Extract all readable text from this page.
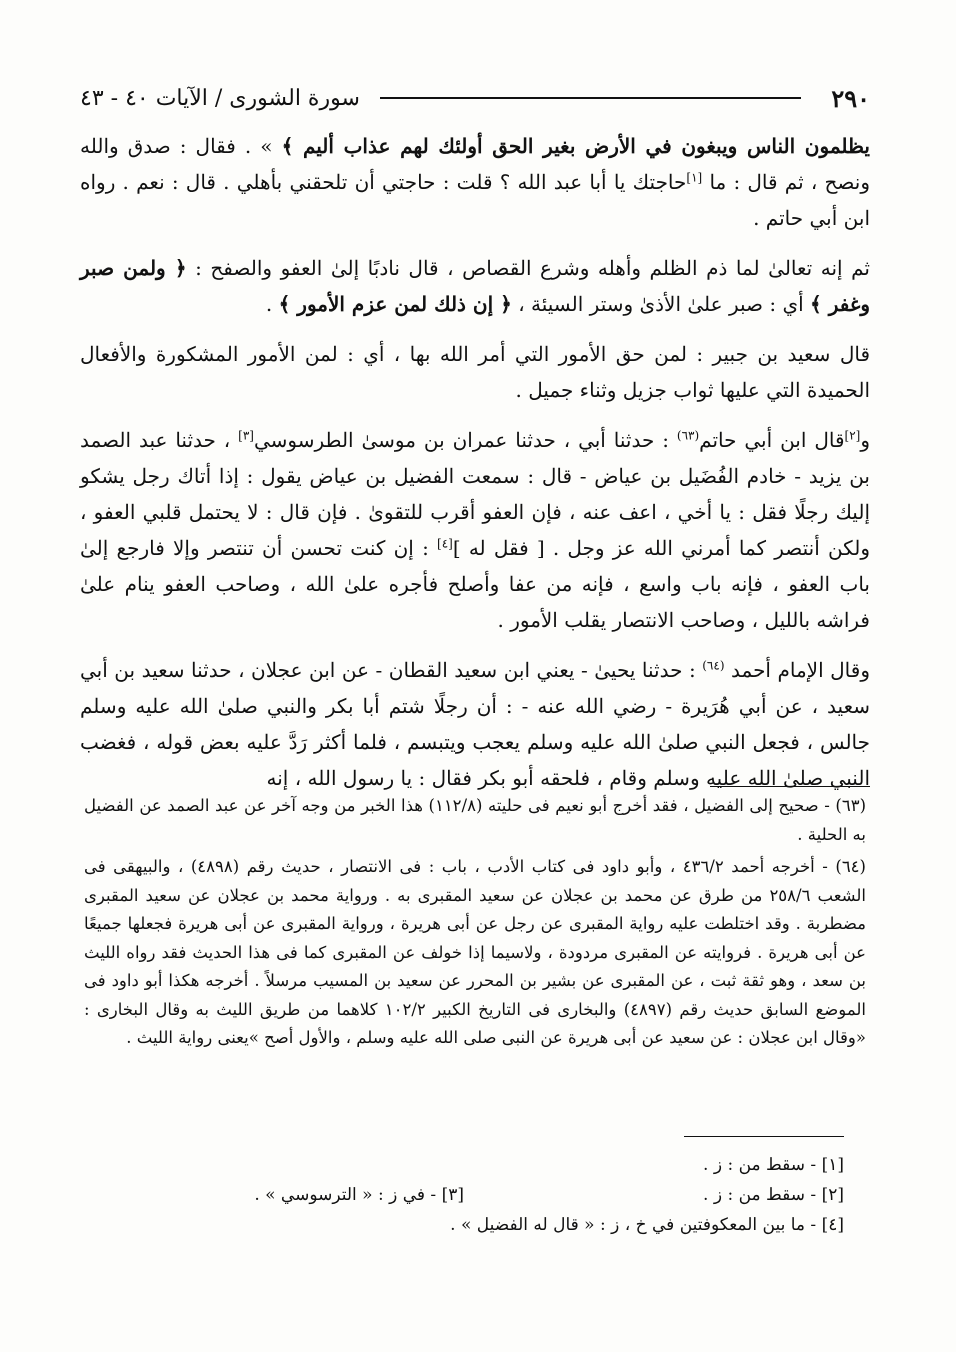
٢٩٠
سورة الشورى / الآيات ٤٠ - ٤٣

يظلمون الناس ويبغون في الأرض بغير الحق أولئك لهم عذاب أليم ﴾ » . فقال : صدق والله ونصح ، ثم قال : ما [١]حاجتك يا أبا عبد الله ؟ قلت : حاجتي أن تلحقني بأهلي . قال : نعم . رواه ابن أبي حاتم .

ثم إنه تعالىٰ لما ذم الظلم وأهله وشرع القصاص ، قال نادبًا إلىٰ العفو والصفح : ﴿ ولمن صبر وغفر ﴾ أي : صبر علىٰ الأذىٰ وستر السيئة ، ﴿ إن ذلك لمن عزم الأمور ﴾ .

قال سعيد بن جبير : لمن حق الأمور التي أمر الله بها ، أي : لمن الأمور المشكورة والأفعال الحميدة التي عليها ثواب جزيل وثناء جميل .

و[٢]قال ابن أبي حاتم$^{(٦٣)}$ : حدثنا أبي ، حدثنا عمران بن موسىٰ الطرسوسي[٣] ، حدثنا عبد الصمد بن يزيد - خادم الفُضَيل بن عياض - قال : سمعت الفضيل بن عياض يقول : إذا أتاك رجل يشكو إليك رجلًا فقل : يا أخي ، اعف عنه ، فإن العفو أقرب للتقوىٰ . فإن قال : لا يحتمل قلبي العفو ، ولكن أنتصر كما أمرني الله عز وجل . [ فقل له ][٤] : إن كنت تحسن أن تنتصر وإلا فارجع إلىٰ باب العفو ، فإنه باب واسع ، فإنه من عفا وأصلح فأجره علىٰ الله ، وصاحب العفو ينام علىٰ فراشه بالليل ، وصاحب الانتصار يقلب الأمور .

وقال الإمام أحمد $^{(٦٤)}$ : حدثنا يحيىٰ - يعني ابن سعيد القطان - عن ابن عجلان ، حدثنا سعيد بن أبي سعيد ، عن أبي هُرَيرة - رضي الله عنه - : أن رجلًا شتم أبا بكر والنبي صلىٰ الله عليه وسلم جالس ، فجعل النبي صلىٰ الله عليه وسلم يعجب ويتبسم ، فلما أكثر رَدَّ عليه بعض قوله ، فغضب النبي صلىٰ الله عليه وسلم وقام ، فلحقه أبو بكر فقال : يا رسول الله ، إنه

(٦٣) - صحيح إلى الفضيل ، فقد أخرج أبو نعيم فى حليته (١١٢/٨) هذا الخبر من وجه آخر عن عبد الصمد عن الفضيل به الحلية .

(٦٤) - أخرجه أحمد ٤٣٦/٢ ، وأبو داود فى كتاب الأدب ، باب : فى الانتصار ، حديث رقم (٤٨٩٨) ، والبيهقى فى الشعب ٢٥٨/٦ من طرق عن محمد بن عجلان عن سعيد المقبرى به . ورواية محمد بن عجلان عن سعيد المقبرى مضطربة . وقد اختلطت عليه رواية المقبرى عن رجل عن أبى هريرة ، ورواية المقبرى عن أبى هريرة فجعلها جميعًا عن أبى هريرة . فروايته عن المقبرى مردودة ، ولاسيما إذا خولف عن المقبرى كما فى هذا الحديث فقد رواه الليث بن سعد ، وهو ثقة ثبت ، عن المقبرى عن بشير بن المحرر عن سعيد بن المسيب مرسلاً . أخرجه هكذا أبو داود فى الموضع السابق حديث رقم (٤٨٩٧) والبخارى فى التاريخ الكبير ١٠٢/٢ كلاهما من طريق الليث به وقال البخارى : «وقال ابن عجلان : عن سعيد عن أبى هريرة عن النبى صلى الله عليه وسلم ، والأول أصح »يعنى رواية الليث .

[١] - سقط من : ز .
[٢] - سقط من : ز .
[٣] - في ز : « الترسوسي » .
[٤] - ما بين المعكوفتين في خ ، ز : « قال له الفضيل » .
